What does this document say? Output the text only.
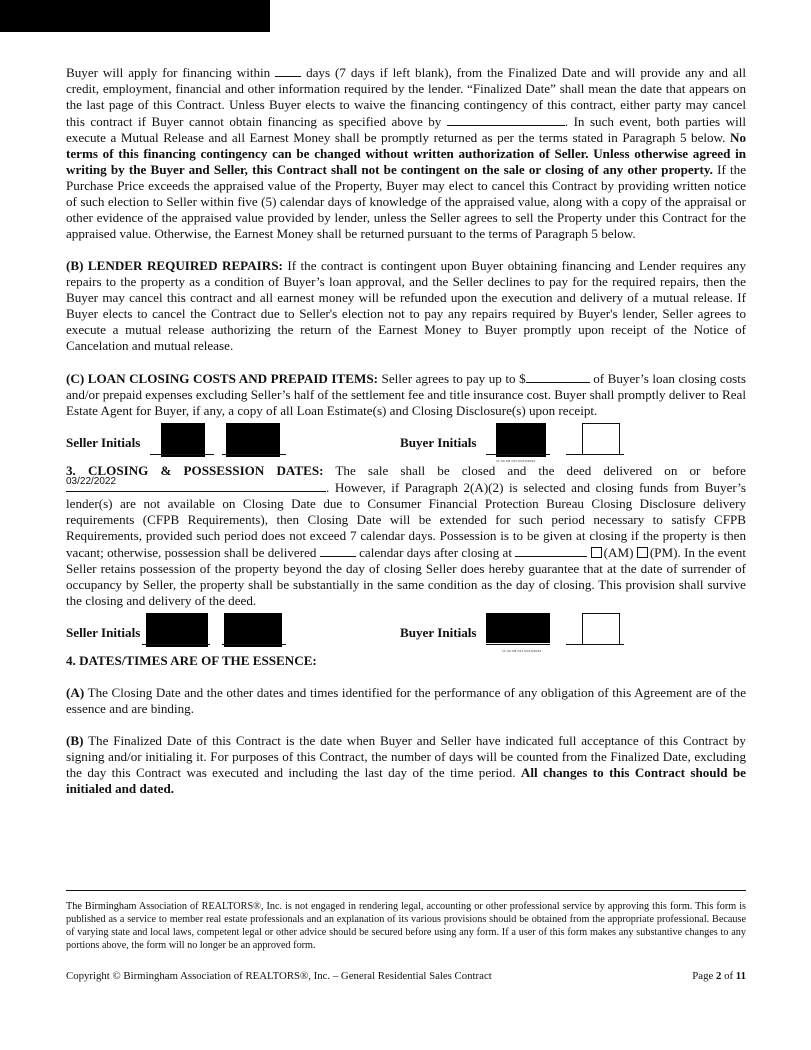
Buyer will apply for financing within	days (7 days if left blank), from the Finalized Date and will provide any and all credit, employment, financial and other information required by the lender. “Finalized Date” shall mean the date that appears on the last page of this Contract. Unless Buyer elects to waive the financing contingency of this contract, either party may cancel this contract if Buyer cannot obtain financing as specified above by	. In such event, both parties will execute a Mutual Release and all Earnest Money shall be promptly returned as per the terms stated in Paragraph 5 below. No terms of this financing contingency can be changed without written authorization of Seller. Unless otherwise agreed in writing by the Buyer and Seller, this Contract shall not be contingent on the sale or closing of any other property. If the Purchase Price exceeds the appraised value of the Property, Buyer may elect to cancel this Contract by providing written notice of such election to Seller within five (5) calendar days of knowledge of the appraised value, along with a copy of the appraisal or other evidence of the appraised value provided by lender, unless the Seller agrees to sell the Property under this Contract for the appraised value. Otherwise, the Earnest Money shall be returned pursuant to the terms of Paragraph 5 below.

(B) LENDER REQUIRED REPAIRS: If the contract is contingent upon Buyer obtaining financing and Lender requires any repairs to the property as a condition of Buyer’s loan approval, and the Seller declines to pay for the required repairs, then the Buyer may cancel this contract and all earnest money will be refunded upon the execution and delivery of a mutual release. If Buyer elects to cancel the Contract due to Seller's election not to pay any repairs required by Buyer's lender, Seller agrees to execute a mutual release authorizing the return of the Earnest Money to Buyer promptly upon receipt of the Notice of Cancelation and mutual release.

(C) LOAN CLOSING COSTS AND PREPAID ITEMS: Seller agrees to pay up to $	of Buyer’s loan closing costs and/or prepaid expenses excluding Seller’s half of the settlement fee and title insurance cost. Buyer shall promptly deliver to Real Estate Agent for Buyer, if any, a copy of all Loan Estimate(s) and Closing Disclosure(s) upon receipt.

Seller Initials	Buyer Initials
11:34 AM CST 03/10/2022

3. CLOSING & POSSESSION DATES: The sale shall be closed and the deed delivered on or before
03/22/2022	. However, if Paragraph 2(A)(2) is selected and closing funds from Buyer’s lender(s) are not available on Closing Date due to Consumer Financial Protection Bureau Closing Disclosure delivery requirements (CFPB Requirements), then Closing Date will be extended for such period necessary to satisfy CFPB Requirements, provided such period does not exceed 7 calendar days. Possession is to be given at closing if the property is then vacant; otherwise, possession shall be delivered	calendar days after closing at	(AM) (PM). In the event Seller retains possession of the property beyond the day of closing Seller does hereby guarantee that at the date of surrender of occupancy by Seller, the property shall be substantially in the same condition as the day of closing. This provision shall survive the closing and delivery of the deed.

Seller Initials	Buyer Initials
11:34 AM CST 03/10/2022

4. DATES/TIMES ARE OF THE ESSENCE:

(A) The Closing Date and the other dates and times identified for the performance of any obligation of this Agreement are of the essence and are binding.

(B) The Finalized Date of this Contract is the date when Buyer and Seller have indicated full acceptance of this Contract by signing and/or initialing it. For purposes of this Contract, the number of days will be counted from the Finalized Date, excluding the day this Contract was executed and including the last day of the time period. All changes to this Contract should be initialed and dated.

The Birmingham Association of REALTORS®, Inc. is not engaged in rendering legal, accounting or other professional service by approving this form. This form is published as a service to member real estate professionals and an explanation of its various provisions should be obtained from the appropriate professional. Because of varying state and local laws, competent legal or other advice should be secured before using any form. If a user of this form makes any substantive changes to any portions above, the form will no longer be an approved form.
Copyright © Birmingham Association of REALTORS®, Inc. – General Residential Sales Contract	Page 2 of 11
